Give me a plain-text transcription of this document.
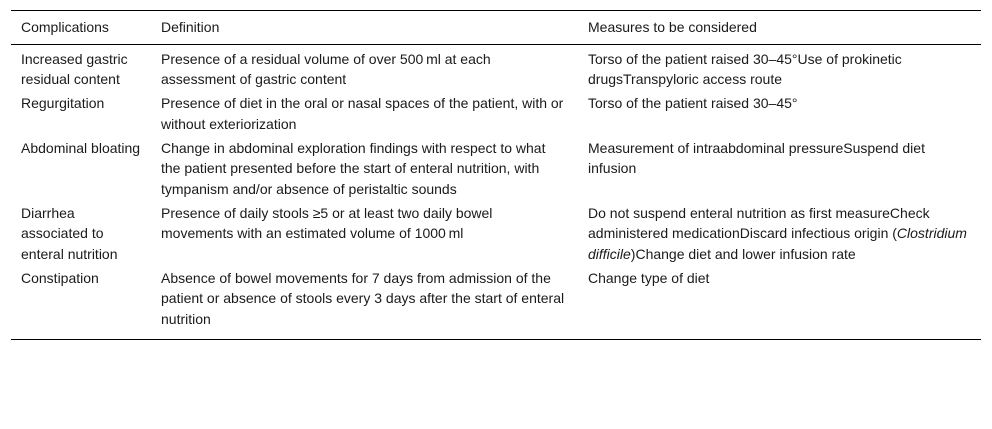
Complications	Definition	Measures to be considered
Increased gastric residual content	Presence of a residual volume of over 500 ml at each assessment of gastric content	Torso of the patient raised 30–45°Use of prokinetic drugsTranspyloric access route
Regurgitation	Presence of diet in the oral or nasal spaces of the patient, with or without exteriorization	Torso of the patient raised 30–45°
Abdominal bloating	Change in abdominal exploration findings with respect to what the patient presented before the start of enteral nutrition, with tympanism and/or absence of peristaltic sounds	Measurement of intraabdominal pressureSuspend diet infusion
Diarrhea associated to enteral nutrition	Presence of daily stools ≥5 or at least two daily bowel movements with an estimated volume of 1000 ml	Do not suspend enteral nutrition as first measureCheck administered medicationDiscard infectious origin (Clostridium difficile)Change diet and lower infusion rate
Constipation	Absence of bowel movements for 7 days from admission of the patient or absence of stools every 3 days after the start of enteral nutrition	Change type of diet
